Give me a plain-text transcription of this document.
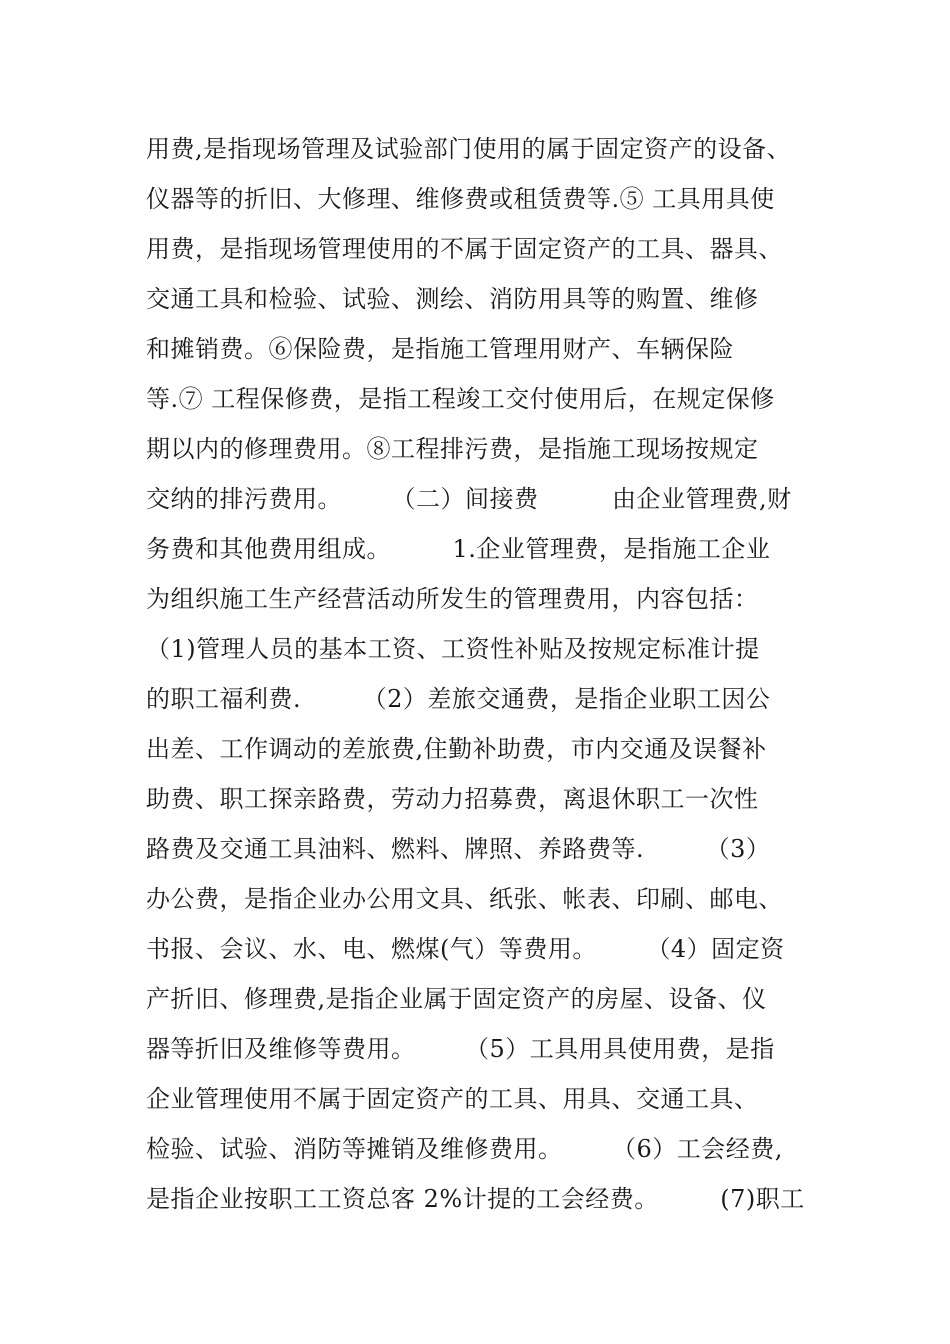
用费,是指现场管理及试验部门使用的属于固定资产的设备、
仪器等的折旧、大修理、维修费或租赁费等.⑤ 工具用具使
用费，是指现场管理使用的不属于固定资产的工具、器具、
交通工具和检验、试验、测绘、消防用具等的购置、维修
和摊销费。⑥保险费，是指施工管理用财产、车辆保险
等.⑦ 工程保修费，是指工程竣工交付使用后，在规定保修
期以内的修理费用。⑧工程排污费，是指施工现场按规定
交纳的排污费用。　　　（二）间接费　　　由企业管理费,财
务费和其他费用组成。　　　1.企业管理费，是指施工企业
为组织施工生产经营活动所发生的管理费用，内容包括：
（1)管理人员的基本工资、工资性补贴及按规定标准计提
的职工福利费.　　　（2）差旅交通费，是指企业职工因公
出差、工作调动的差旅费,住勤补助费，市内交通及误餐补
助费、职工探亲路费，劳动力招募费，离退休职工一次性
路费及交通工具油料、燃料、牌照、养路费等.　　　（3）
办公费，是指企业办公用文具、纸张、帐表、印刷、邮电、
书报、会议、水、电、燃煤(气）等费用。　　　（4）固定资
产折旧、修理费,是指企业属于固定资产的房屋、设备、仪
器等折旧及维修等费用。　　　（5）工具用具使用费，是指
企业管理使用不属于固定资产的工具、用具、交通工具、
检验、试验、消防等摊销及维修费用。　　　（6）工会经费,
是指企业按职工工资总客 2%计提的工会经费。　　　(7)职工
